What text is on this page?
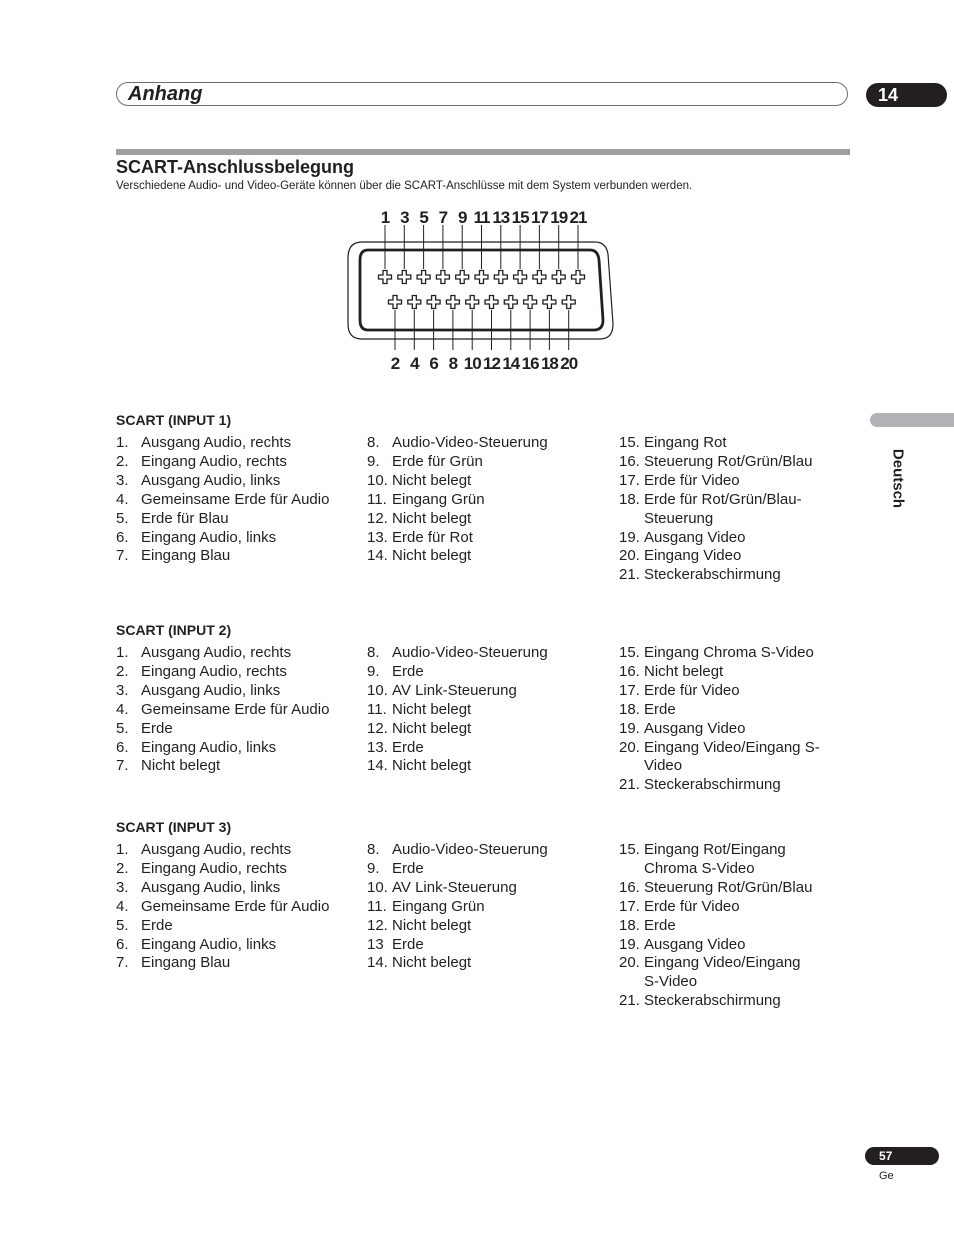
Anhang	14
SCART-Anschlussbelegung
Verschiedene Audio- und Video-Geräte können über die SCART-Anschlüsse mit dem System verbunden werden.
1 3 5 7 9 11 13 15 17 19 21
2 4 6 8 10 12 14 16 18 20
SCART (INPUT 1)
1. Ausgang Audio, rechts
2. Eingang Audio, rechts
3. Ausgang Audio, links
4. Gemeinsame Erde für Audio
5. Erde für Blau
6. Eingang Audio, links
7. Eingang Blau
8. Audio-Video-Steuerung
9. Erde für Grün
10. Nicht belegt
11. Eingang Grün
12. Nicht belegt
13. Erde für Rot
14. Nicht belegt
15. Eingang Rot
16. Steuerung Rot/Grün/Blau
17. Erde für Video
18. Erde für Rot/Grün/Blau-Steuerung
19. Ausgang Video
20. Eingang Video
21. Steckerabschirmung
SCART (INPUT 2)
1. Ausgang Audio, rechts
2. Eingang Audio, rechts
3. Ausgang Audio, links
4. Gemeinsame Erde für Audio
5. Erde
6. Eingang Audio, links
7. Nicht belegt
8. Audio-Video-Steuerung
9. Erde
10. AV Link-Steuerung
11. Nicht belegt
12. Nicht belegt
13. Erde
14. Nicht belegt
15. Eingang Chroma S-Video
16. Nicht belegt
17. Erde für Video
18. Erde
19. Ausgang Video
20. Eingang Video/Eingang S-Video
21. Steckerabschirmung
SCART (INPUT 3)
1. Ausgang Audio, rechts
2. Eingang Audio, rechts
3. Ausgang Audio, links
4. Gemeinsame Erde für Audio
5. Erde
6. Eingang Audio, links
7. Eingang Blau
8. Audio-Video-Steuerung
9. Erde
10. AV Link-Steuerung
11. Eingang Grün
12. Nicht belegt
13 Erde
14. Nicht belegt
15. Eingang Rot/Eingang Chroma S-Video
16. Steuerung Rot/Grün/Blau
17. Erde für Video
18. Erde
19. Ausgang Video
20. Eingang Video/Eingang S-Video
21. Steckerabschirmung
Deutsch
57
Ge
